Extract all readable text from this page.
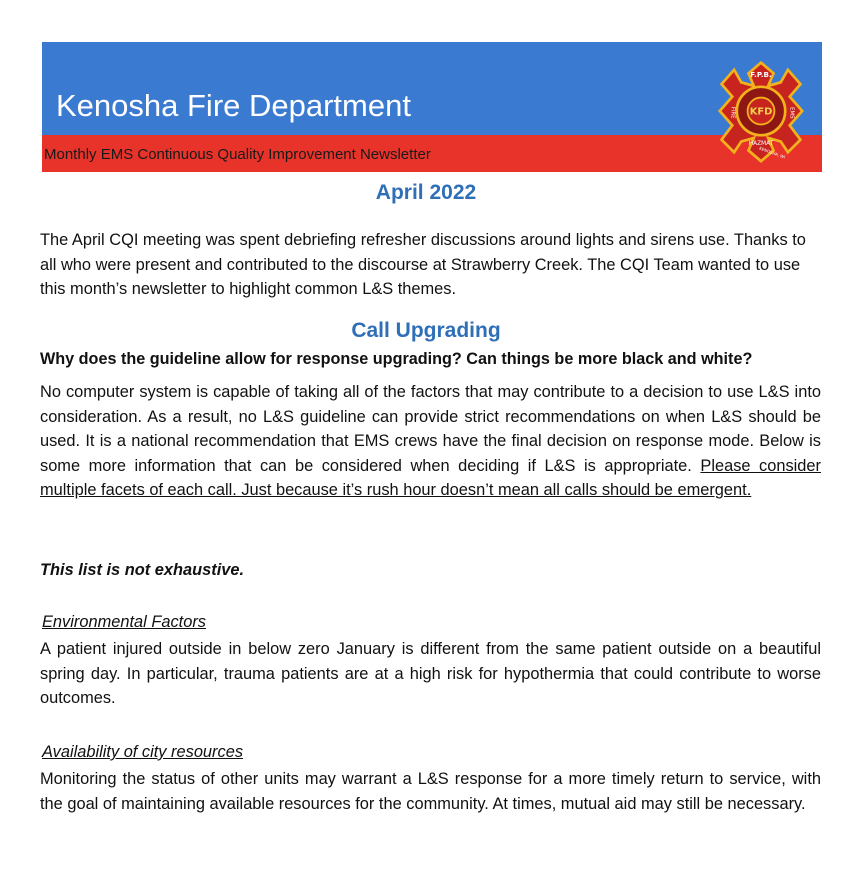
Kenosha Fire Department
Monthly EMS Continuous Quality Improvement Newsletter
F.P.B.
KFD
FIRE	EMS
HAZMAT
KENOSHA, WI
April 2022
The April CQI meeting was spent debriefing refresher discussions around lights and sirens use. Thanks to all who were present and contributed to the discourse at Strawberry Creek. The CQI Team wanted to use this month’s newsletter to highlight common L&S themes.
Call Upgrading
Why does the guideline allow for response upgrading? Can things be more black and white?
No computer system is capable of taking all of the factors that may contribute to a decision to use L&S into consideration. As a result, no L&S guideline can provide strict recommendations on when L&S should be used. It is a national recommendation that EMS crews have the final decision on response mode. Below is some more information that can be considered when deciding if L&S is appropriate. Please consider multiple facets of each call. Just because it’s rush hour doesn’t mean all calls should be emergent.
This list is not exhaustive.
Environmental Factors
A patient injured outside in below zero January is different from the same patient outside on a beautiful spring day. In particular, trauma patients are at a high risk for hypothermia that could contribute to worse outcomes.
Availability of city resources
Monitoring the status of other units may warrant a L&S response for a more timely return to service, with the goal of maintaining available resources for the community. At times, mutual aid may still be necessary.
